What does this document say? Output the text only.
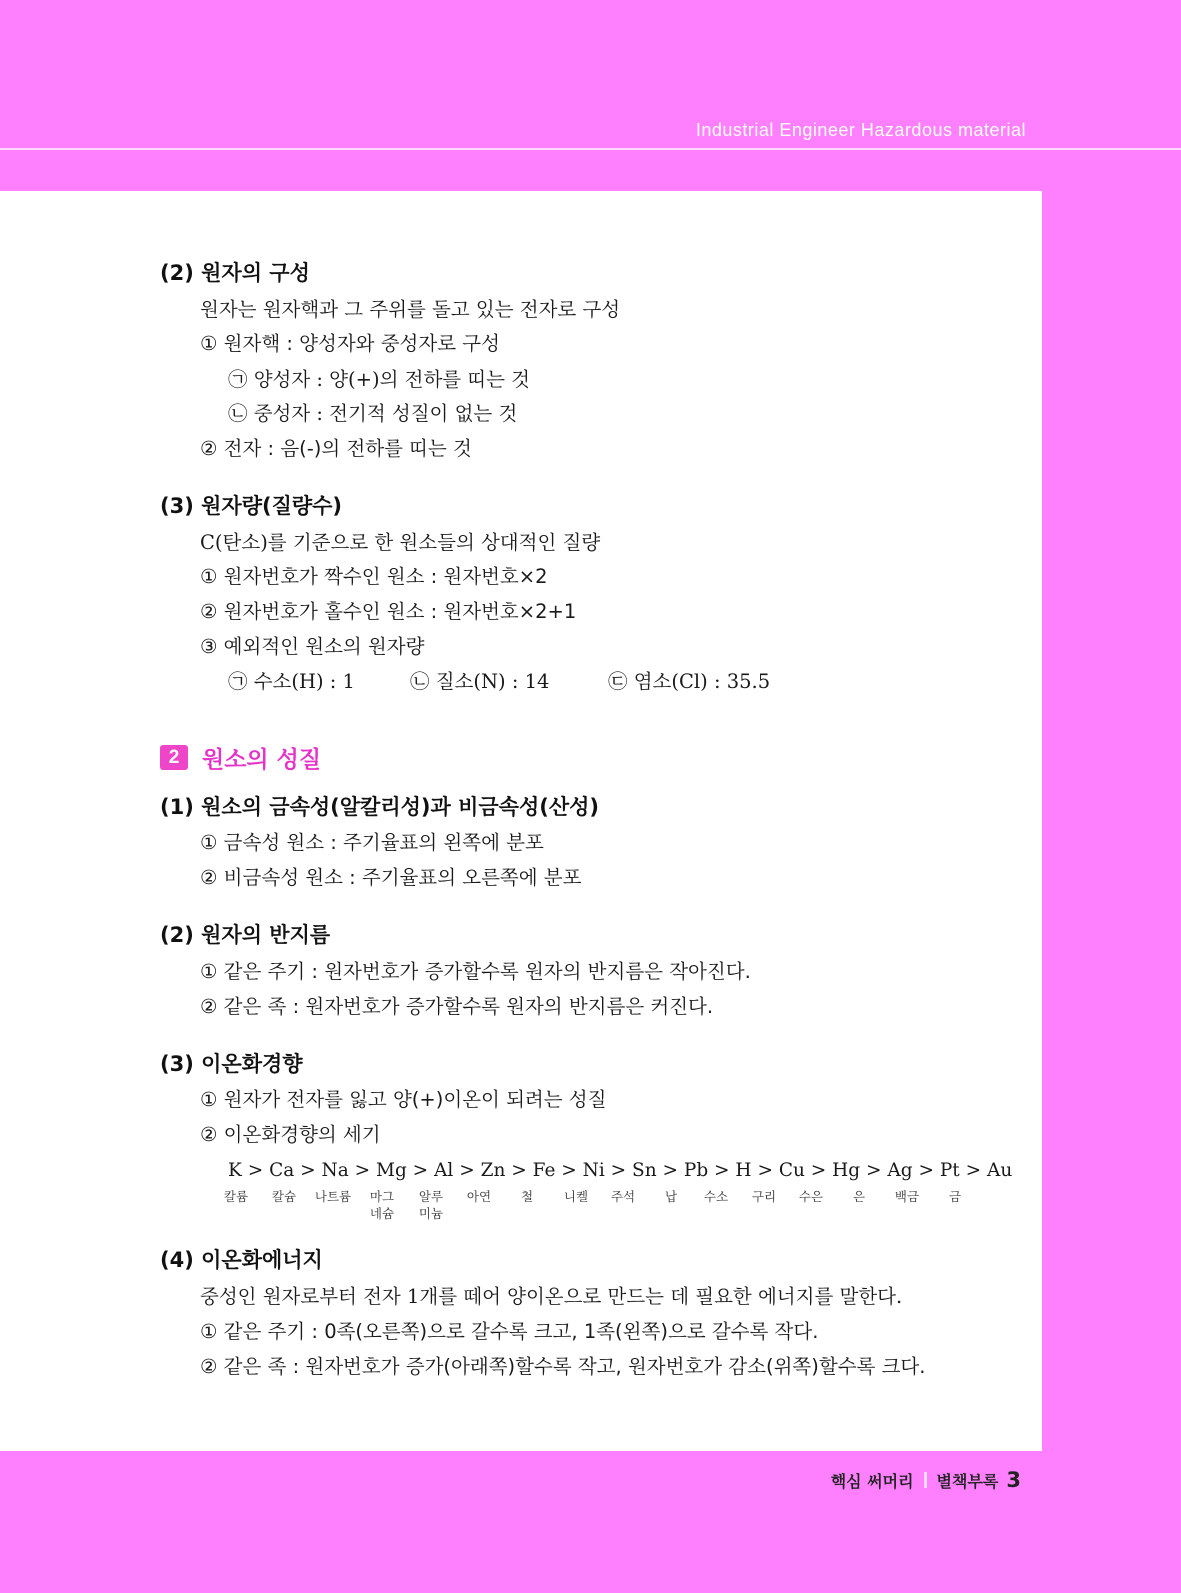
Industrial Engineer Hazardous material
(2) 원자의 구성
원자는 원자핵과 그 주위를 돌고 있는 전자로 구성
① 원자핵 : 양성자와 중성자로 구성
㉠ 양성자 : 양(+)의 전하를 띠는 것
㉡ 중성자 : 전기적 성질이 없는 것
② 전자 : 음(-)의 전하를 띠는 것
(3) 원자량(질량수)
C(탄소)를 기준으로 한 원소들의 상대적인 질량
① 원자번호가 짝수인 원소 : 원자번호×2
② 원자번호가 홀수인 원소 : 원자번호×2+1
③ 예외적인 원소의 원자량
㉠ 수소(H) : 1	㉡ 질소(N) : 14	㉢ 염소(Cl) : 35.5
2 원소의 성질
(1) 원소의 금속성(알칼리성)과 비금속성(산성)
① 금속성 원소 : 주기율표의 왼쪽에 분포
② 비금속성 원소 : 주기율표의 오른쪽에 분포
(2) 원자의 반지름
① 같은 주기 : 원자번호가 증가할수록 원자의 반지름은 작아진다.
② 같은 족 : 원자번호가 증가할수록 원자의 반지름은 커진다.
(3) 이온화경향
① 원자가 전자를 잃고 양(+)이온이 되려는 성질
② 이온화경향의 세기
K > Ca > Na > Mg > Al > Zn > Fe > Ni > Sn > Pb > H > Cu > Hg > Ag > Pt > Au
칼륨 칼슘 나트륨 마그
네슘
알루
미늄
아연 철 니켈 주석 납 수소 구리 수은 은 백금 금
(4) 이온화에너지
중성인 원자로부터 전자 1개를 떼어 양이온으로 만드는 데 필요한 에너지를 말한다.
① 같은 주기 : 0족(오른쪽)으로 갈수록 크고, 1족(왼쪽)으로 갈수록 작다.
② 같은 족 : 원자번호가 증가(아래쪽)할수록 작고, 원자번호가 감소(위쪽)할수록 크다.
핵심 써머리 별책부록 3
